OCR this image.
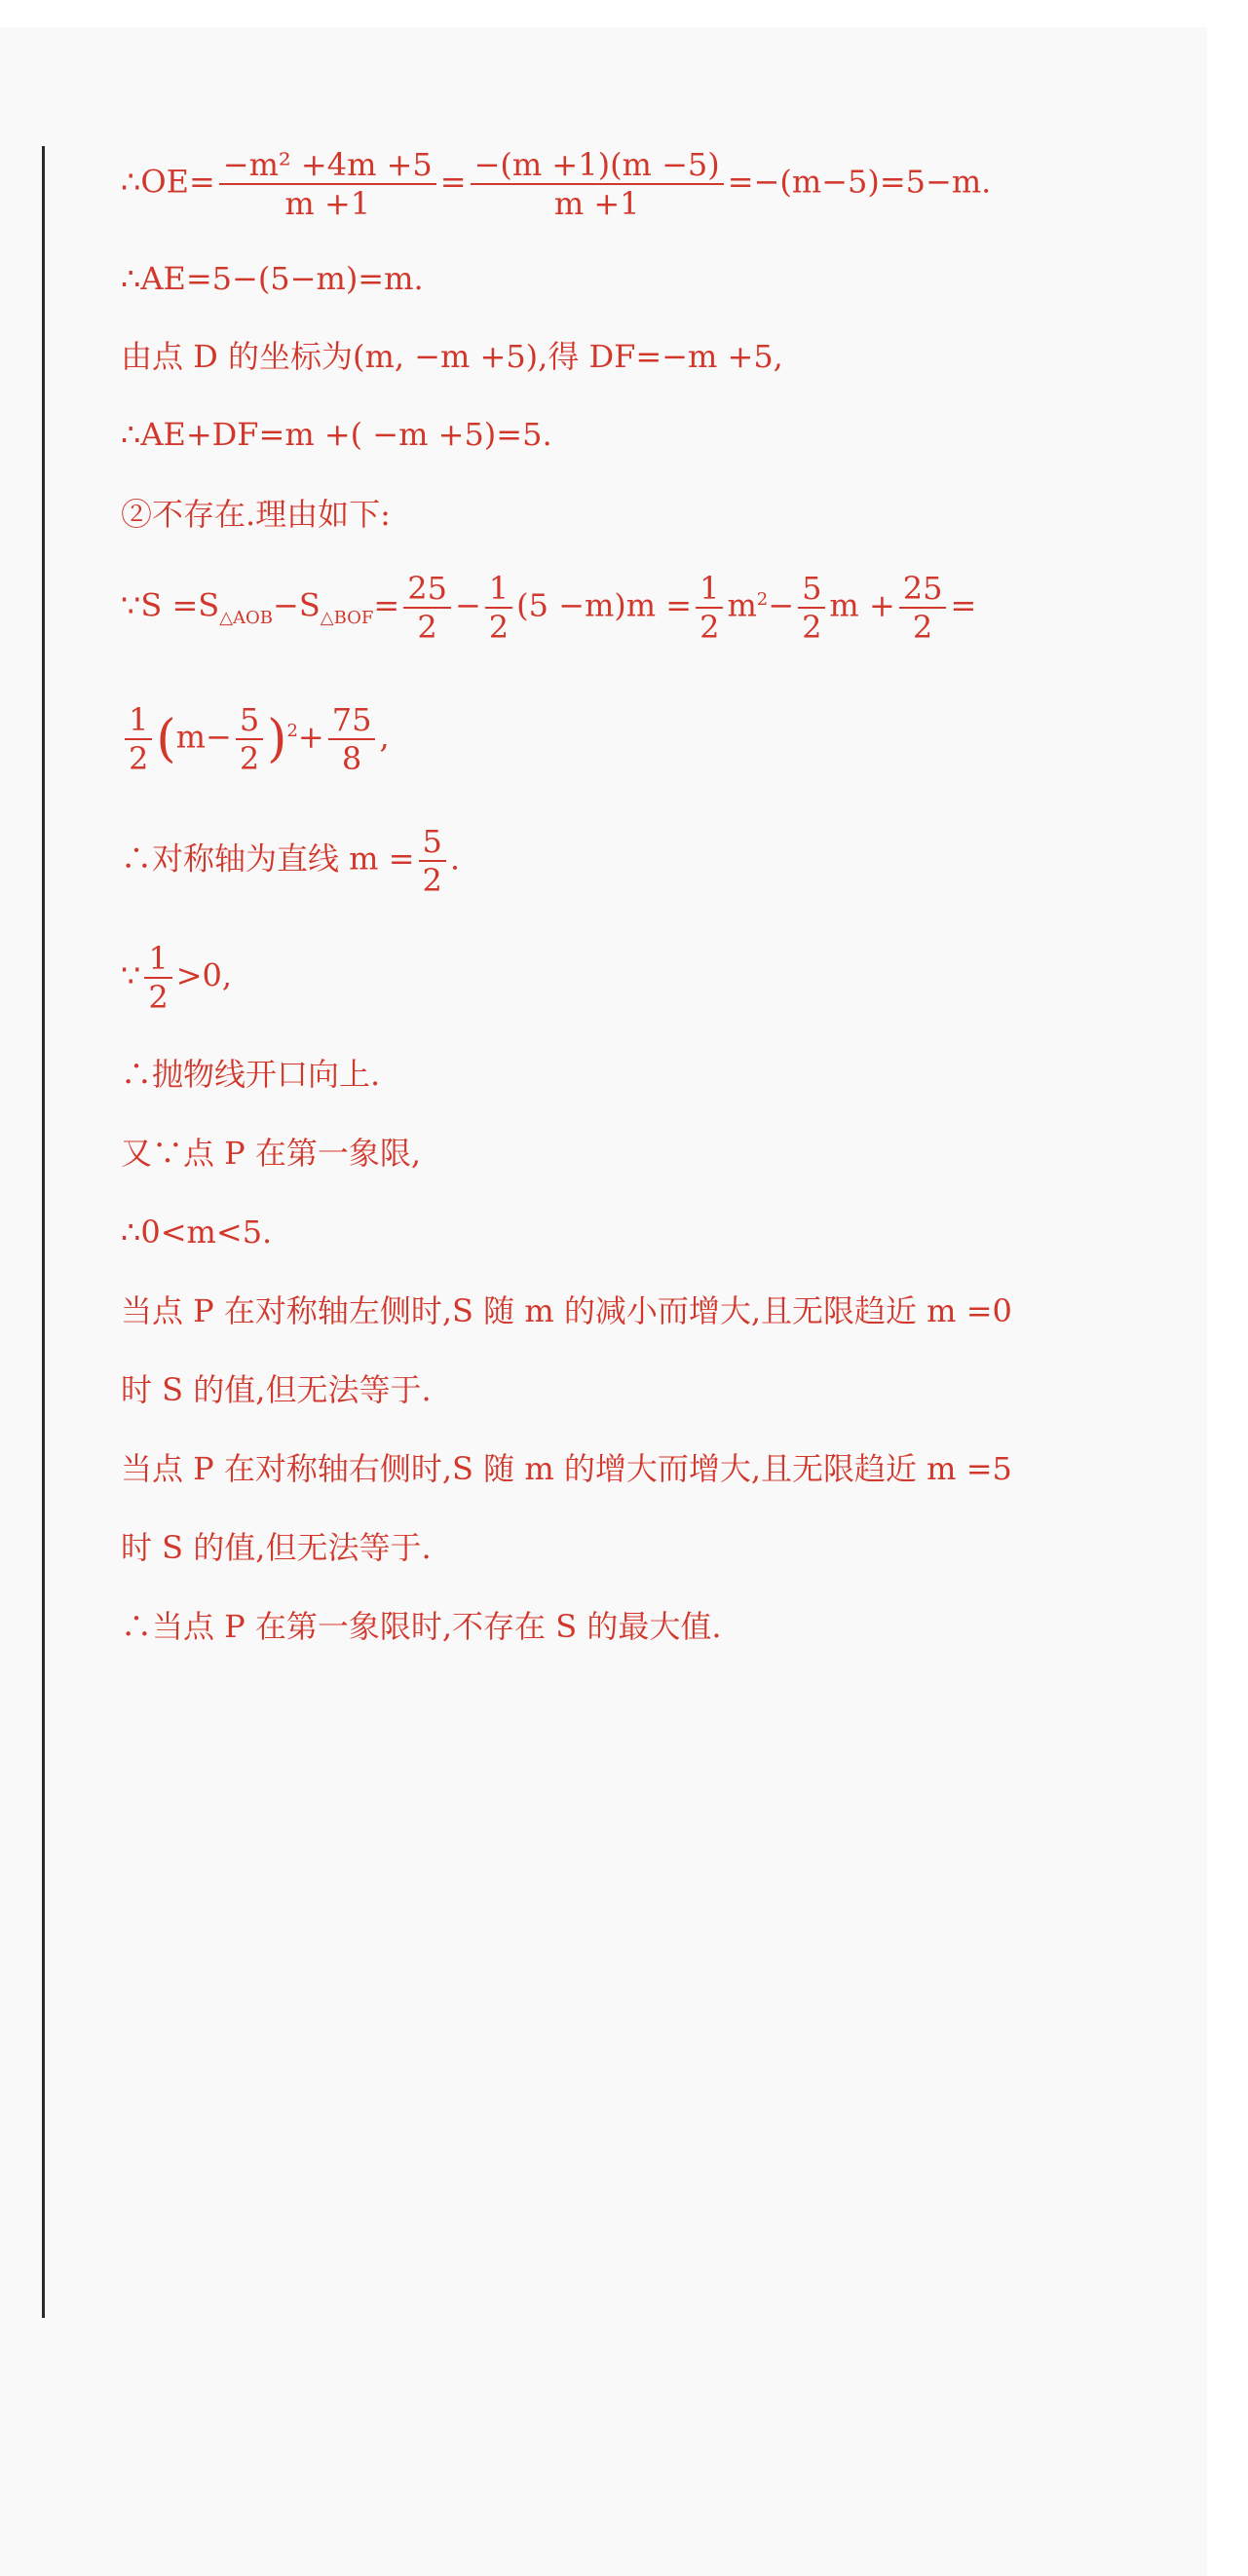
∴OE= $\frac{\text{−m² +4m +5}}{m +1} = \frac{-(m +1)(m -5)}{m +1} =-(m-5)=5-m$.
∴AE=5−(5−m)=m.
由点 D 的坐标为(m, −m +5),得 DF=−m +5,
∴AE+DF=m +( −m +5)=5.
②不存在.理由如下:
∵S $=S_{\triangle AOB}-S_{\triangle BOF}= \frac{25}{2} - \frac{1}{2} (5 -m)m = \frac{1}{2} m^2- \frac{5}{2}$ $m + \frac{25}{2}$ =
$\frac{1}{2} (m- \frac{5}{2} )^2+ \frac{75}{8}$ ,
∴对称轴为直线 $m = \frac{5}{2}$ .
∵ $\frac{1}{2} >0$,
∴抛物线开口向上.
又∵点 P 在第一象限,
∴0<m<5.
当点 P 在对称轴左侧时,S 随 m 的减小而增大,且无限趋近 m =0
时 S 的值,但无法等于.
当点 P 在对称轴右侧时,S 随 m 的增大而增大,且无限趋近 m =5
时 S 的值,但无法等于.
∴当点 P 在第一象限时,不存在 S 的最大值.
